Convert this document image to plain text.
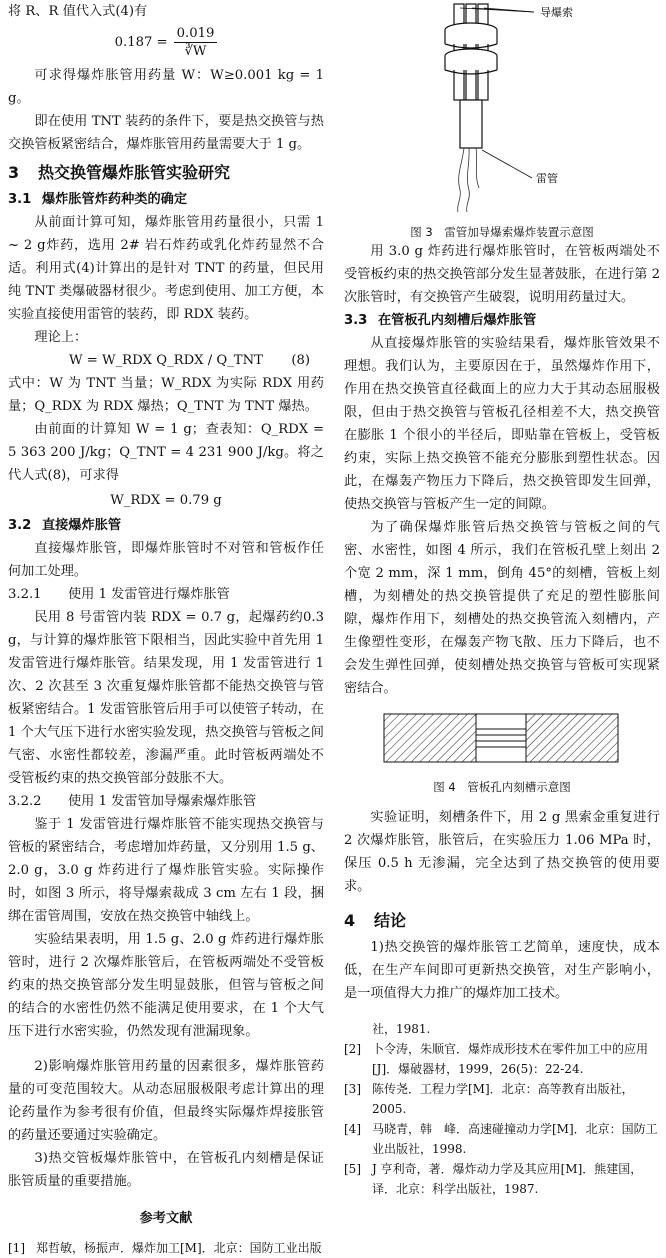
将 R、R 值代入式(4)有

$0.187 = \frac{0.019}{∛W}$

可求得爆炸胀管用药量 W：W≥0.001 kg = 1 g。

即在使用 TNT 装药的条件下，要是热交换管与热交换管板紧密结合，爆炸胀管用药量需要大于 1 g。

3 热交换管爆炸胀管实验研究
3.1 爆炸胀管炸药种类的确定

从前面计算可知，爆炸胀管用药量很小，只需 1 ~ 2 g炸药，选用 2# 岩石炸药或乳化炸药显然不合适。利用式(4)计算出的是针对 TNT 的药量，但民用纯 TNT 类爆破器材很少。考虑到使用、加工方便，本实验直接使用雷管的装药，即 RDX 装药。

理论上：

W = W_RDX Q_RDX / Q_TNT (8)

式中：W 为 TNT 当量；W_RDX 为实际 RDX 用药量；Q_RDX 为 RDX 爆热；Q_TNT 为 TNT 爆热。

由前面的计算知 W = 1 g；查表知：Q_RDX = 5 363 200 J/kg；Q_TNT = 4 231 900 J/kg。将之代人式(8)，可求得

W_RDX = 0.79 g

3.2 直接爆炸胀管

直接爆炸胀管，即爆炸胀管时不对管和管板作任何加工处理。

3.2.1 使用 1 发雷管进行爆炸胀管

民用 8 号雷管内装 RDX = 0.7 g，起爆药约0.3 g，与计算的爆炸胀管下限相当，因此实验中首先用 1 发雷管进行爆炸胀管。结果发现，用 1 发雷管进行 1 次、2 次甚至 3 次重复爆炸胀管都不能热交换管与管板紧密结合。1 发雷管胀管后用手可以使管子转动，在 1 个大气压下进行水密实验发现，热交换管与管板之间气密、水密性都较差，渗漏严重。此时管板两端处不受管板约束的热交换管部分鼓胀不大。

3.2.2 使用 1 发雷管加导爆索爆炸胀管

鉴于 1 发雷管进行爆炸胀管不能实现热交换管与管板的紧密结合，考虑增加炸药量，又分别用 1.5 g、2.0 g，3.0 g 炸药进行了爆炸胀管实验。实际操作时，如图 3 所示，将导爆索裁成 3 cm 左右 1 段，捆绑在雷管周围，安放在热交换管中轴线上。

实验结果表明，用 1.5 g、2.0 g 炸药进行爆炸胀管时，进行 2 次爆炸胀管后，在管板两端处不受管板约束的热交换管部分发生明显鼓胀，但管与管板之间的结合的水密性仍然不能满足使用要求，在 1 个大气压下进行水密实验，仍然发现有泄漏现象。

2)影响爆炸胀管用药量的因素很多，爆炸胀管药量的可变范围较大。从动态屈服极限考虑计算出的理论药量作为参考很有价值，但最终实际爆炸焊接胀管的药量还要通过实验确定。

3)热交管板爆炸胀管中，在管板孔内刻槽是保证胀管质量的重要措施。

参考文献
[1] 郑哲敏，杨振声．爆炸加工[M]．北京：国防工业出版
导爆索
雷管
图 3　雷管加导爆索爆炸装置示意图

用 3.0 g 炸药进行爆炸胀管时，在管板两端处不受管板约束的热交换管部分发生显著鼓胀，在进行第 2 次胀管时，有交换管产生破裂，说明用药量过大。

3.3 在管板孔内刻槽后爆炸胀管

从直接爆炸胀管的实验结果看，爆炸胀管效果不理想。我们认为，主要原因在于，虽然爆炸作用下，作用在热交换管直径截面上的应力大于其动态屈服极限，但由于热交换管与管板孔径相差不大，热交换管在膨胀 1 个很小的半径后，即贴靠在管板上，受管板约束，实际上热交换管不能充分膨胀到塑性状态。因此，在爆轰产物压力下降后，热交换管即发生回弹，使热交换管与管板产生一定的间隙。

为了确保爆炸胀管后热交换管与管板之间的气密、水密性，如图 4 所示，我们在管板孔壁上刻出 2 个宽 2 mm，深 1 mm，倒角 45°的刻槽，管板上刻槽，为刻槽处的热交换管提供了充足的塑性膨胀间隙，爆炸作用下，刻槽处的热交换管流入刻槽内，产生像塑性变形，在爆轰产物飞散、压力下降后，也不会发生弹性回弹，使刻槽处热交换管与管板可实现紧密结合。

图 4　管板孔内刻槽示意图

实验证明，刻槽条件下，用 2 g 黑索金重复进行 2 次爆炸胀管，胀管后，在实验压力 1.06 MPa 时，保压 0.5 h 无渗漏，完全达到了热交换管的使用要求。

4 结论

1)热交换管的爆炸胀管工艺简单，速度快，成本低，在生产车间即可更新热交换管，对生产影响小，是一项值得大力推广的爆炸加工技术。

社，1981.
[2] 卜令涛，朱顺官．爆炸成形技术在零件加工中的应用[J]．爆破器材，1999，26(5)：22-24.
[3] 陈传尧．工程力学[M]．北京：高等教育出版社，2005.
[4] 马晓青，韩　峰．高速碰撞动力学[M]．北京：国防工业出版社，1998.
[5] J 亨利奇，著．爆炸动力学及其应用[M]．熊建国，译．北京：科学出版社，1987.
